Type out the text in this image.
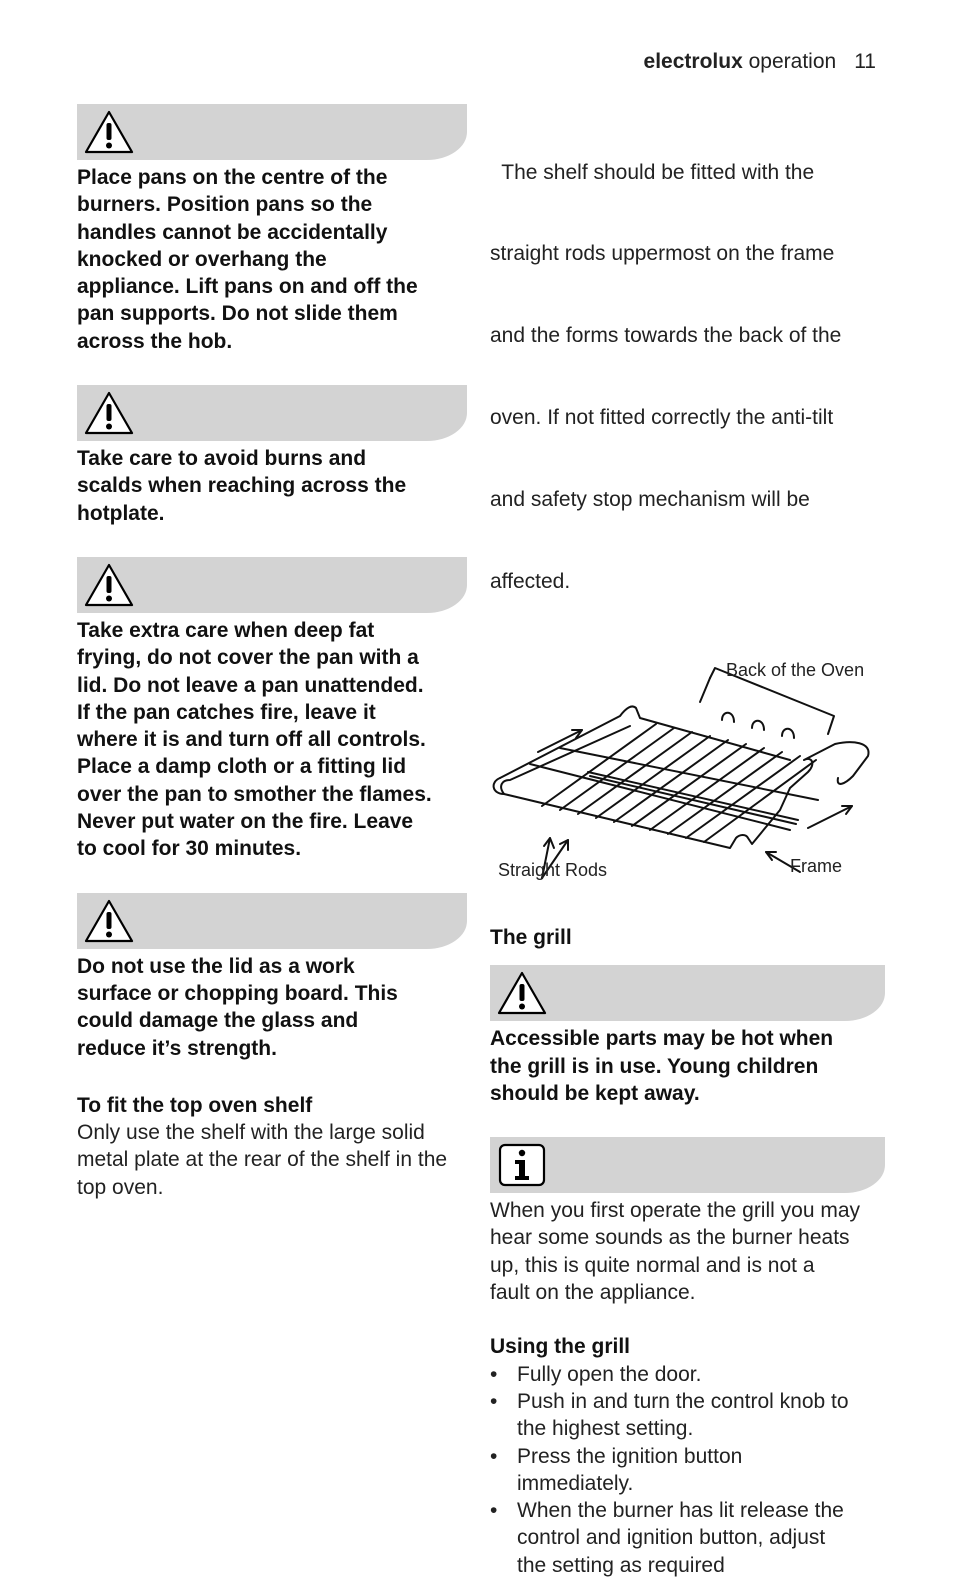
electrolux operation 11
Place pans on the centre of the
burners. Position pans so the
handles cannot be accidentally
knocked or overhang the
appliance. Lift pans on and off the
pan supports. Do not slide them
across the hob.
Take care to avoid burns and
scalds when reaching across the
hotplate.
Take extra care when deep fat
frying, do not cover the pan with a
lid. Do not leave a pan unattended.
If the pan catches fire, leave it
where it is and turn off all controls.
Place a damp cloth or a fitting lid
over the pan to smother the flames.
Never put water on the fire. Leave
to cool for 30 minutes.
Do not use the lid as a work
surface or chopping board. This
could damage the glass and
reduce it’s strength.
To fit the top oven shelf
Only use the shelf with the large solid
metal plate at the rear of the shelf in the
top oven.

The shelf should be fitted with the

straight rods uppermost on the frame

and the forms towards the back of the

oven. If not fitted correctly the anti-tilt

and safety stop mechanism will be

affected.

Back of the Oven
Straight Rods	Frame
The grill
Accessible parts may be hot when
the grill is in use. Young children
should be kept away.
When you first operate the grill you may
hear some sounds as the burner heats
up, this is quite normal and is not a
fault on the appliance.
Using the grill
• Fully open the door.
• Push in and turn the control knob to
the highest setting.
• Press the ignition button
immediately.
• When the burner has lit release the
control and ignition button, adjust
the setting as required
